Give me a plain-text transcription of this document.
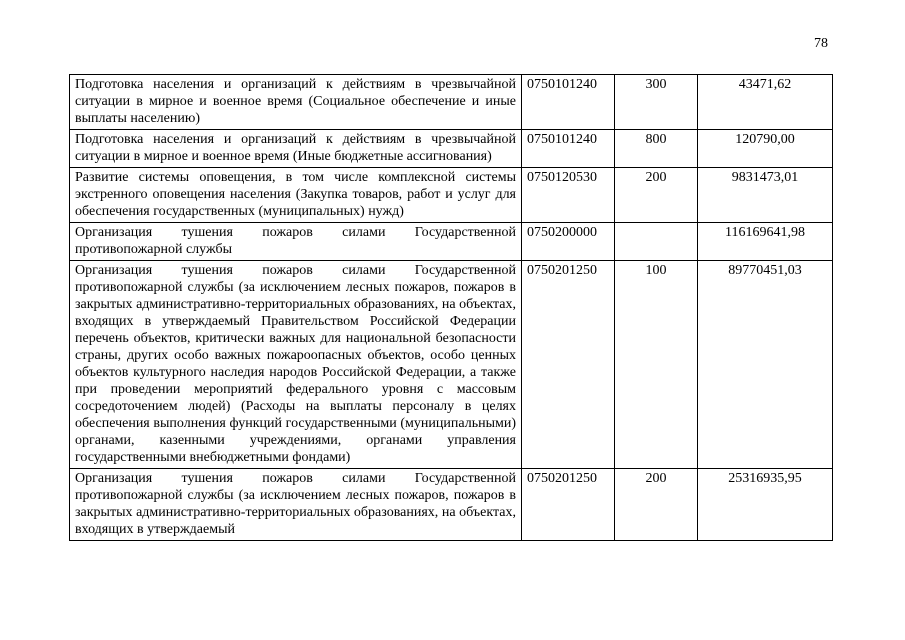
78
Подготовка населения и организаций к действиям в чрезвычайной ситуации в мирное и военное время (Социальное обеспечение и иные выплаты населению)	0750101240	300	43471,62
Подготовка населения и организаций к действиям в чрезвычайной ситуации в мирное и военное время (Иные бюджетные ассигнования)	0750101240	800	120790,00
Развитие системы оповещения, в том числе комплексной системы экстренного оповещения населения (Закупка товаров, работ и услуг для обеспечения государственных (муниципальных) нужд)	0750120530	200	9831473,01
Организация тушения пожаров силами Государственной противопожарной службы	0750200000		116169641,98
Организация тушения пожаров силами Государственной противопожарной службы (за исключением лесных пожаров, пожаров в закрытых административно-территориальных образованиях, на объектах, входящих в утверждаемый Правительством Российской Федерации перечень объектов, критически важных для национальной безопасности страны, других особо важных пожароопасных объектов, особо ценных объектов культурного наследия народов Российской Федерации, а также при проведении мероприятий федерального уровня с массовым сосредоточением людей) (Расходы на выплаты персоналу в целях обеспечения выполнения функций государственными (муниципальными) органами, казенными учреждениями, органами управления государственными внебюджетными фондами)	0750201250	100	89770451,03
Организация тушения пожаров силами Государственной противопожарной службы (за исключением лесных пожаров, пожаров в закрытых административно-территориальных образованиях, на объектах, входящих в утверждаемый	0750201250	200	25316935,95
